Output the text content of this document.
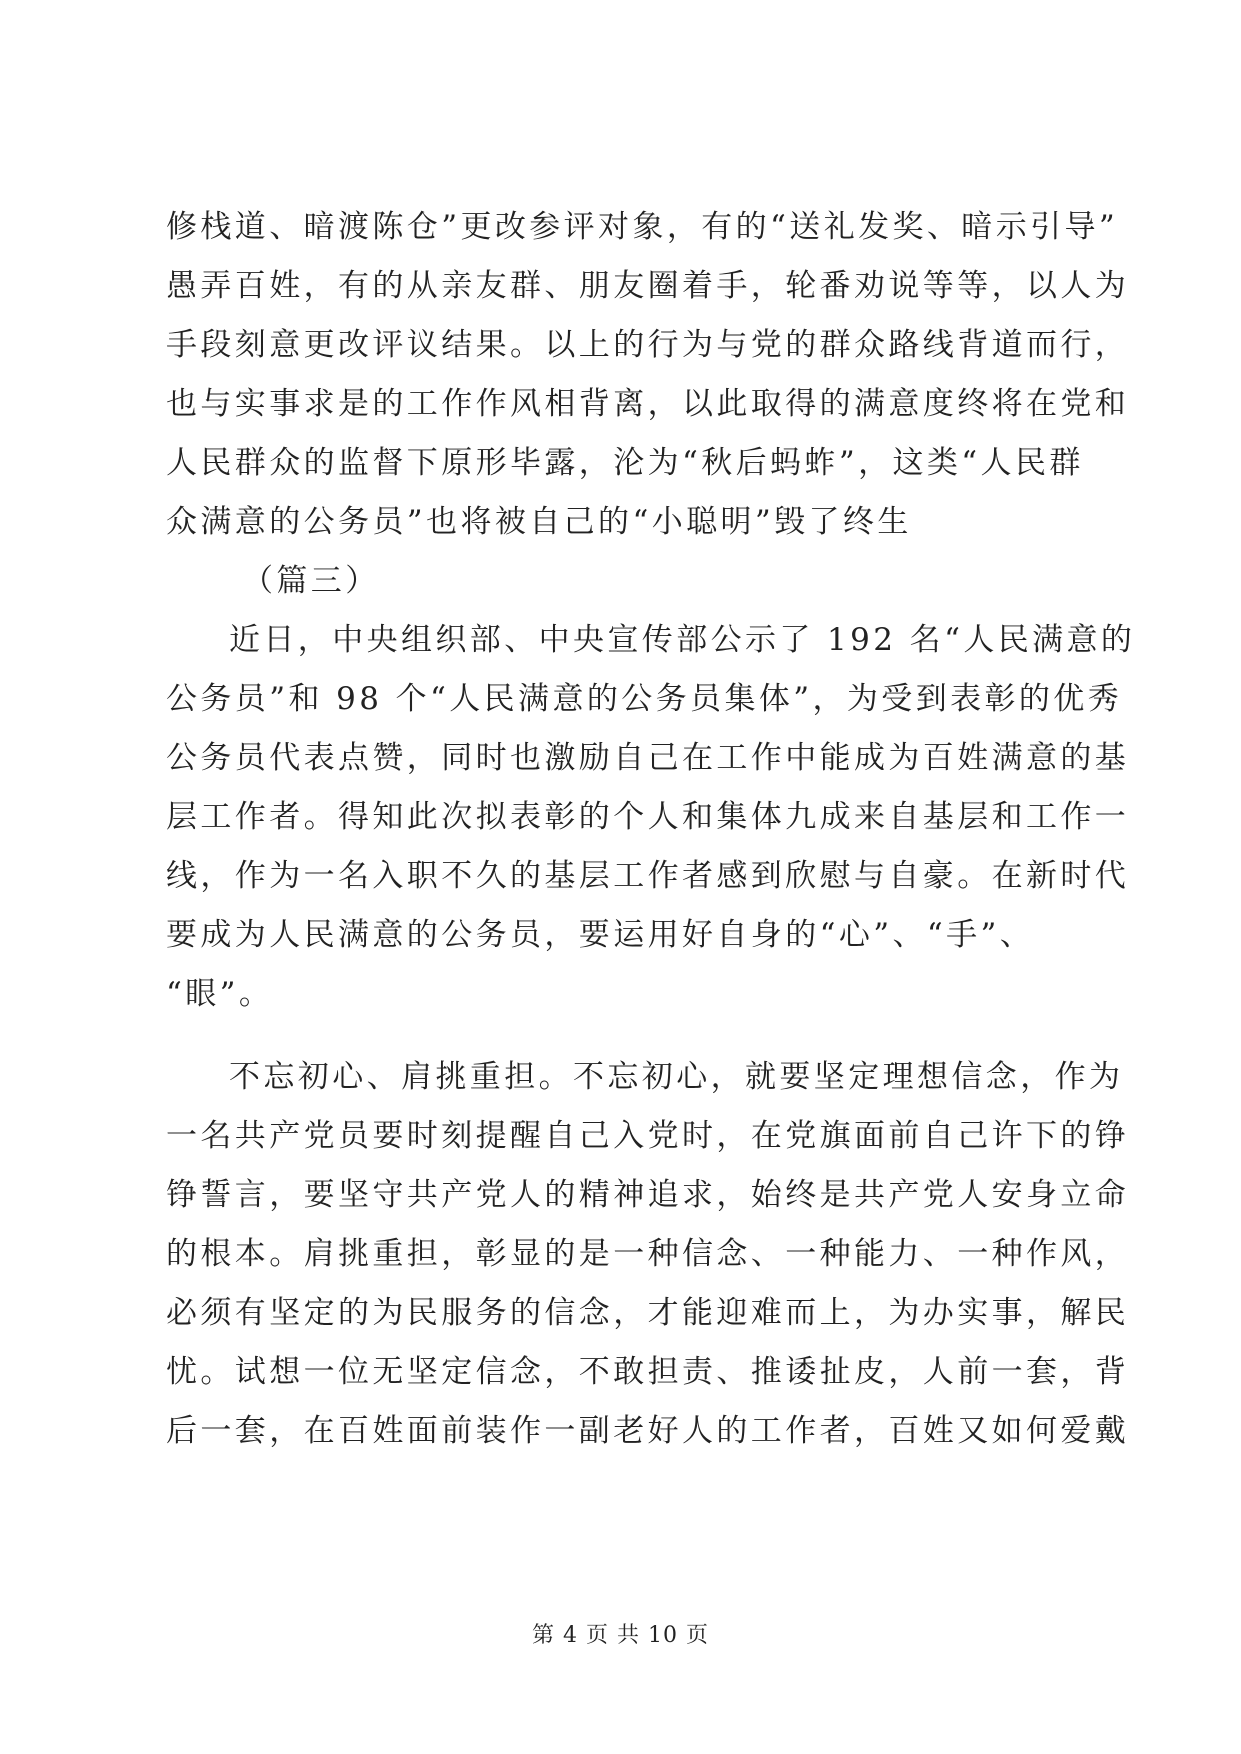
修栈道、暗渡陈仓”更改参评对象，有的“送礼发奖、暗示引导”
愚弄百姓，有的从亲友群、朋友圈着手，轮番劝说等等，以人为
手段刻意更改评议结果。以上的行为与党的群众路线背道而行，
也与实事求是的工作作风相背离，以此取得的满意度终将在党和
人民群众的监督下原形毕露，沦为“秋后蚂蚱”，这类“人民群
众满意的公务员”也将被自己的“小聪明”毁了终生
（篇三）
近日，中央组织部、中央宣传部公示了 192 名“人民满意的
公务员”和 98 个“人民满意的公务员集体”，为受到表彰的优秀
公务员代表点赞，同时也激励自己在工作中能成为百姓满意的基
层工作者。得知此次拟表彰的个人和集体九成来自基层和工作一
线，作为一名入职不久的基层工作者感到欣慰与自豪。在新时代
要成为人民满意的公务员，要运用好自身的“心”、“手”、
“眼”。
不忘初心、肩挑重担。不忘初心，就要坚定理想信念，作为
一名共产党员要时刻提醒自己入党时，在党旗面前自己许下的铮
铮誓言，要坚守共产党人的精神追求，始终是共产党人安身立命
的根本。肩挑重担，彰显的是一种信念、一种能力、一种作风，
必须有坚定的为民服务的信念，才能迎难而上，为办实事，解民
忧。试想一位无坚定信念，不敢担责、推诿扯皮，人前一套，背
后一套，在百姓面前装作一副老好人的工作者，百姓又如何爱戴
第 4 页 共 10 页
